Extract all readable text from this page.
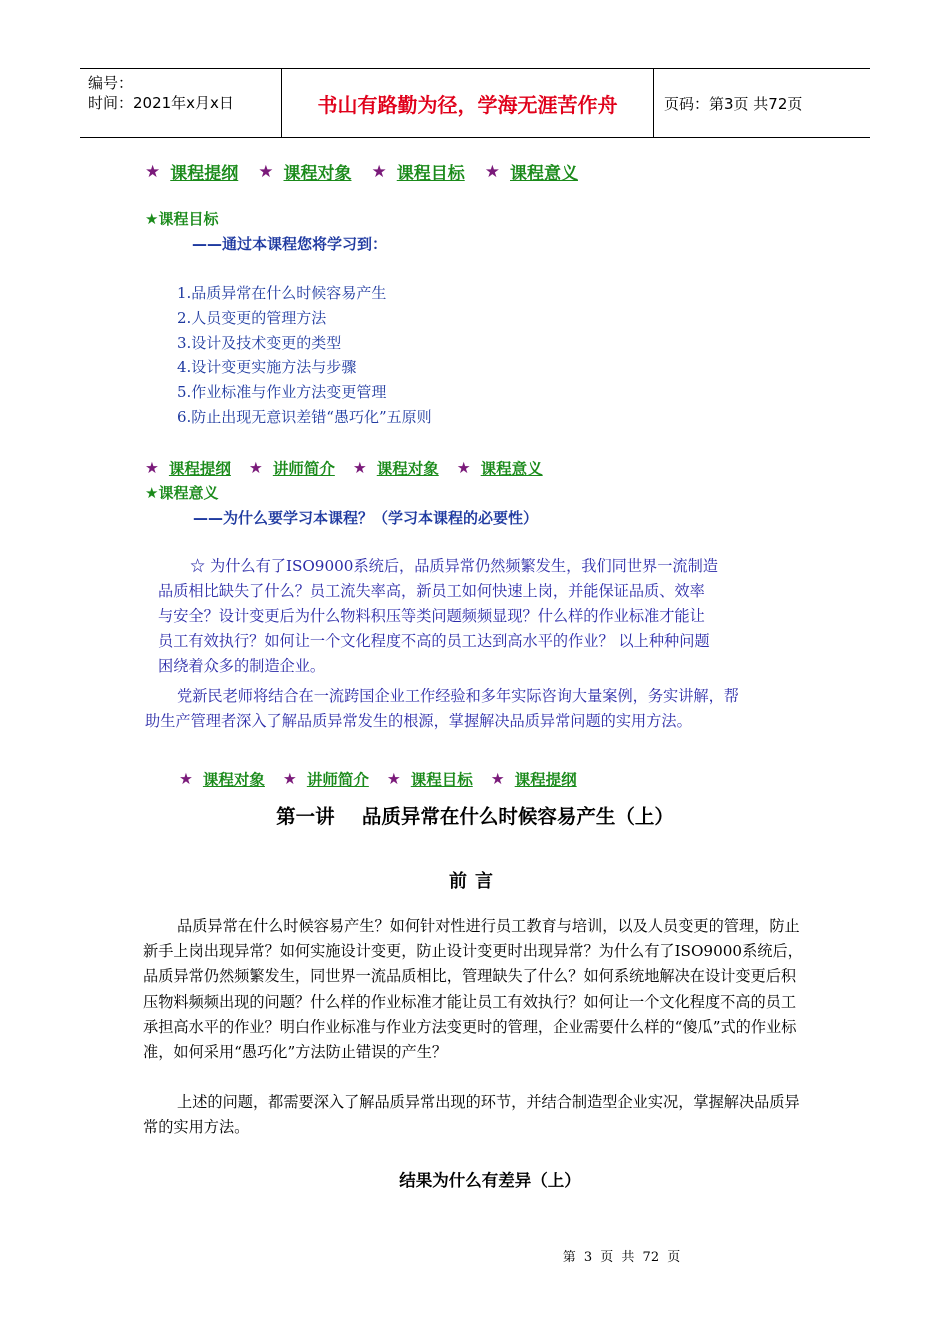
编号：
时间：2021年x月x日	书山有路勤为径，学海无涯苦作舟	页码：第3页 共72页
★ 课程提纲 ★ 课程对象 ★ 课程目标 ★ 课程意义
★课程目标
——通过本课程您将学习到：
1.品质异常在什么时候容易产生
2.人员变更的管理方法
3.设计及技术变更的类型
4.设计变更实施方法与步骤
5.作业标准与作业方法变更管理
6.防止出现无意识差错“愚巧化”五原则
★ 课程提纲 ★ 讲师简介 ★ 课程对象 ★ 课程意义
★课程意义
——为什么要学习本课程？（学习本课程的必要性）
☆ 为什么有了ISO9000系统后，品质异常仍然频繁发生，我们同世界一流制造
品质相比缺失了什么？员工流失率高，新员工如何快速上岗，并能保证品质、效率
与安全？设计变更后为什么物料积压等类问题频频显现？什么样的作业标准才能让
员工有效执行？如何让一个文化程度不高的员工达到高水平的作业？ 以上种种问题
困绕着众多的制造企业。
党新民老师将结合在一流跨国企业工作经验和多年实际咨询大量案例，务实讲解，帮
助生产管理者深入了解品质异常发生的根源，掌握解决品质异常问题的实用方法。
★ 课程对象 ★ 讲师简介 ★ 课程目标 ★ 课程提纲
第一讲    品质异常在什么时候容易产生（上）
前言

品质异常在什么时候容易产生？如何针对性进行员工教育与培训，以及人员变更的管理，防止新手上岗出现异常？如何实施设计变更，防止设计变更时出现异常？为什么有了ISO9000系统后，品质异常仍然频繁发生，同世界一流品质相比，管理缺失了什么？如何系统地解决在设计变更后积压物料频频出现的问题？什么样的作业标准才能让员工有效执行？如何让一个文化程度不高的员工承担高水平的作业？明白作业标准与作业方法变更时的管理，企业需要什么样的“傻瓜”式的作业标准，如何采用“愚巧化”方法防止错误的产生？

上述的问题，都需要深入了解品质异常出现的环节，并结合制造型企业实况，掌握解决品质异常的实用方法。

结果为什么有差异（上）
第 3 页 共 72 页
